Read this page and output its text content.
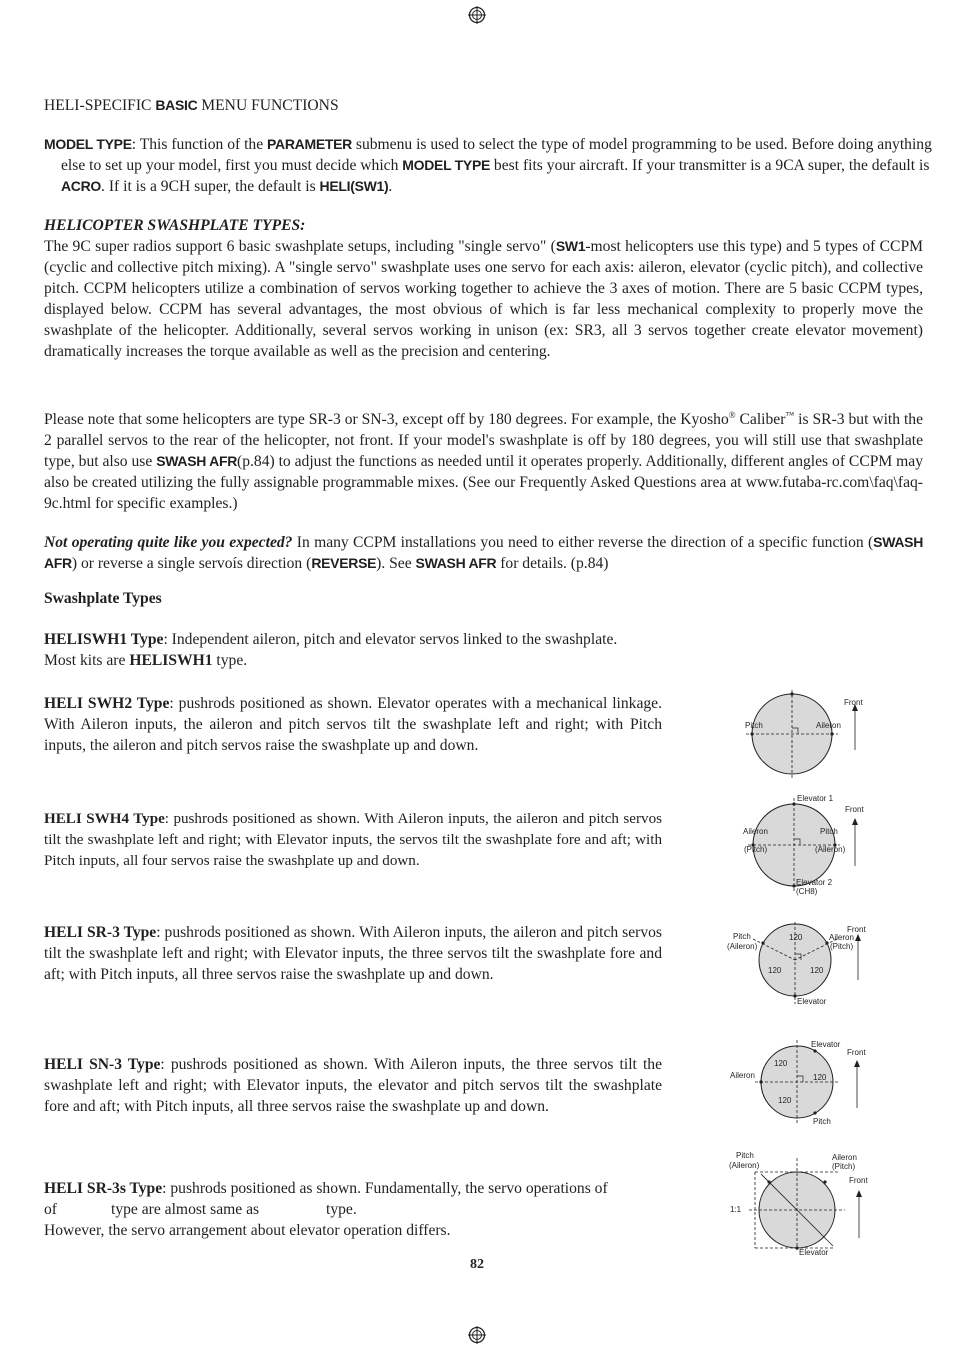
HELI-SPECIFIC BASIC MENU FUNCTIONS

MODEL TYPE: This function of the PARAMETER submenu is used to select the type of model programming to be used. Before doing anything else to set up your model, first you must decide which MODEL TYPE best fits your aircraft. If your transmitter is a 9CA super, the default is ACRO. If it is a 9CH super, the default is HELI(SW1).

HELICOPTER SWASHPLATE TYPES:

The 9C super radios support 6 basic swashplate setups, including "single servo" (SW1-most helicopters use this type) and 5 types of CCPM (cyclic and collective pitch mixing). A "single servo" swashplate uses one servo for each axis: aileron, elevator (cyclic pitch), and collective pitch. CCPM helicopters utilize a combination of servos working together to achieve the 3 axes of motion. There are 5 basic CCPM types, displayed below. CCPM has several advantages, the most obvious of which is far less mechanical complexity to properly move the swashplate of the helicopter. Additionally, several servos working in unison (ex: SR3, all 3 servos together create elevator movement) dramatically increases the torque available as well as the precision and centering.

Please note that some helicopters are type SR-3 or SN-3, except off by 180 degrees. For example, the Kyosho® Caliber™ is SR-3 but with the 2 parallel servos to the rear of the helicopter, not front. If your model's swashplate is off by 180 degrees, you will still use that swashplate type, but also use SWASH AFR(p.84) to adjust the functions as needed until it operates properly. Additionally, different angles of CCPM may also be created utilizing the fully assignable programmable mixes. (See our Frequently Asked Questions area at www.futaba-rc.com\faq\faq-9c.html for specific examples.)

Not operating quite like you expected? In many CCPM installations you need to either reverse the direction of a specific function (SWASH AFR) or reverse a single servoís direction (REVERSE). See SWASH AFR for details. (p.84)

Swashplate Types

HELISWH1 Type: Independent aileron, pitch and elevator servos linked to the swashplate. Most kits are HELISWH1 type.

HELI SWH2 Type: pushrods positioned as shown. Elevator operates with a mechanical linkage. With Aileron inputs, the aileron and pitch servos tilt the swashplate left and right; with Pitch inputs, the aileron and pitch servos raise the swashplate up and down.

HELI SWH4 Type: pushrods positioned as shown. With Aileron inputs, the aileron and pitch servos tilt the swashplate left and right; with Elevator inputs, the servos tilt the swashplate fore and aft; with Pitch inputs, all four servos raise the swashplate up and down.

HELI SR-3 Type: pushrods positioned as shown. With Aileron inputs, the aileron and pitch servos tilt the swashplate left and right; with Elevator inputs, the three servos tilt the swashplate fore and aft; with Pitch inputs, all three servos raise the swashplate up and down.

HELI SN-3 Type: pushrods positioned as shown. With Aileron inputs, the three servos tilt the swashplate left and right; with Elevator inputs, the elevator and pitch servos tilt the swashplate fore and aft; with Pitch inputs, all three servos raise the swashplate up and down.

HELI SR-3s Type: pushrods positioned as shown. Fundamentally, the servo operations of
of	type are almost same as	type.
However, the servo arrangement about elevator operation differs.

82

Front
Pitch	Aileron
Elevator 1
Front
Aileron
(Pitch)
Pitch
(Aileron)
Elevator 2
(CH8)
Front
Pitch
(Aileron)
Aileron
(Pitch)
120
120	120
Elevator
Elevator
Front
Aileron
120
120
120
Pitch
Pitch
(Aileron)
Aileron
(Pitch)
Front
1:1
Elevator
